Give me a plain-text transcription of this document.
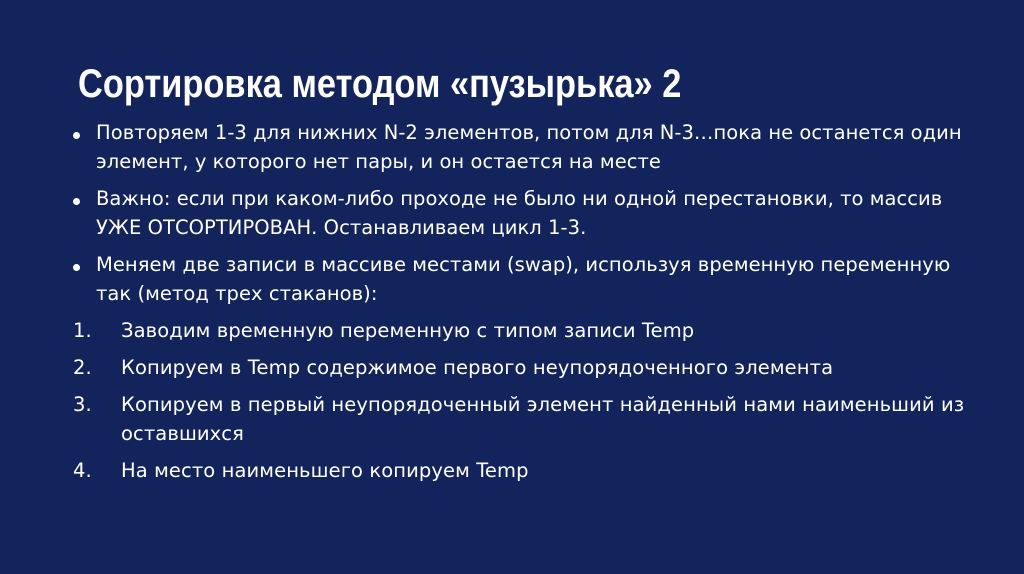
Сортировка методом «пузырька» 2
Повторяем 1-3 для нижних N-2 элементов, потом для N-3…пока не останется один элемент, у которого нет пары, и он остается на месте
Важно: если при каком-либо проходе не было ни одной перестановки, то массив УЖЕ ОТСОРТИРОВАН. Останавливаем цикл 1-3.
Меняем две записи в массиве местами (swap), используя временную переменную так (метод трех стаканов):
1.	Заводим временную переменную с типом записи Temp
2.	Копируем в Temp содержимое первого неупорядоченного элемента
3.	Копируем в первый неупорядоченный элемент найденный нами наименьший из оставшихся
4.	На место наименьшего копируем Temp
